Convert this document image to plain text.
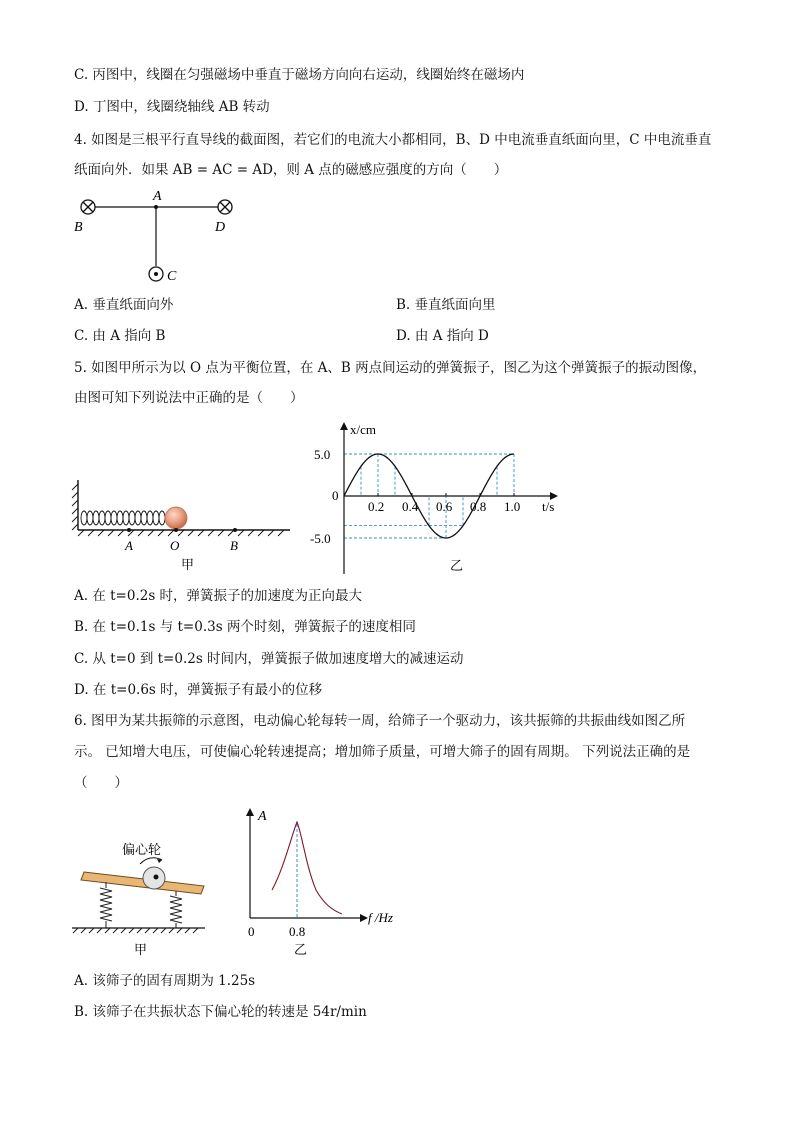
C. 丙图中，线圈在匀强磁场中垂直于磁场方向向右运动，线圈始终在磁场内
D. 丁图中，线圈绕轴线 AB 转动
4. 如图是三根平行直导线的截面图，若它们的电流大小都相同，B、D 中电流垂直纸面向里，C 中电流垂直
纸面向外．如果 AB = AC = AD，则 A 点的磁感应强度的方向（　　）
A
B
C
D
A. 垂直纸面向外	B. 垂直纸面向里
C. 由 A 指向 B	D. 由 A 指向 D
5. 如图甲所示为以 O 点为平衡位置，在 A、B 两点间运动的弹簧振子，图乙为这个弹簧振子的振动图像，
由图可知下列说法中正确的是（　　）
A	O	B
甲
0.2 0.4 0.6 0.8 1.0
5.0
-5.0
x/cm
t/s
0
乙
A. 在 t=0.2s 时，弹簧振子的加速度为正向最大
B. 在 t=0.1s 与 t=0.3s 两个时刻，弹簧振子的速度相同
C. 从 t=0 到 t=0.2s 时间内，弹簧振子做加速度增大的减速运动
D. 在 t=0.6s 时，弹簧振子有最小的位移
6. 图甲为某共振筛的示意图，电动偏心轮每转一周，给筛子一个驱动力，该共振筛的共振曲线如图乙所
示。 已知增大电压，可使偏心轮转速提高；增加筛子质量，可增大筛子的固有周期。 下列说法正确的是
（　　）
偏心轮
甲
A
f /Hz
0	0.8
乙
A. 该筛子的固有周期为 1.25s
B. 该筛子在共振状态下偏心轮的转速是 54r/min
